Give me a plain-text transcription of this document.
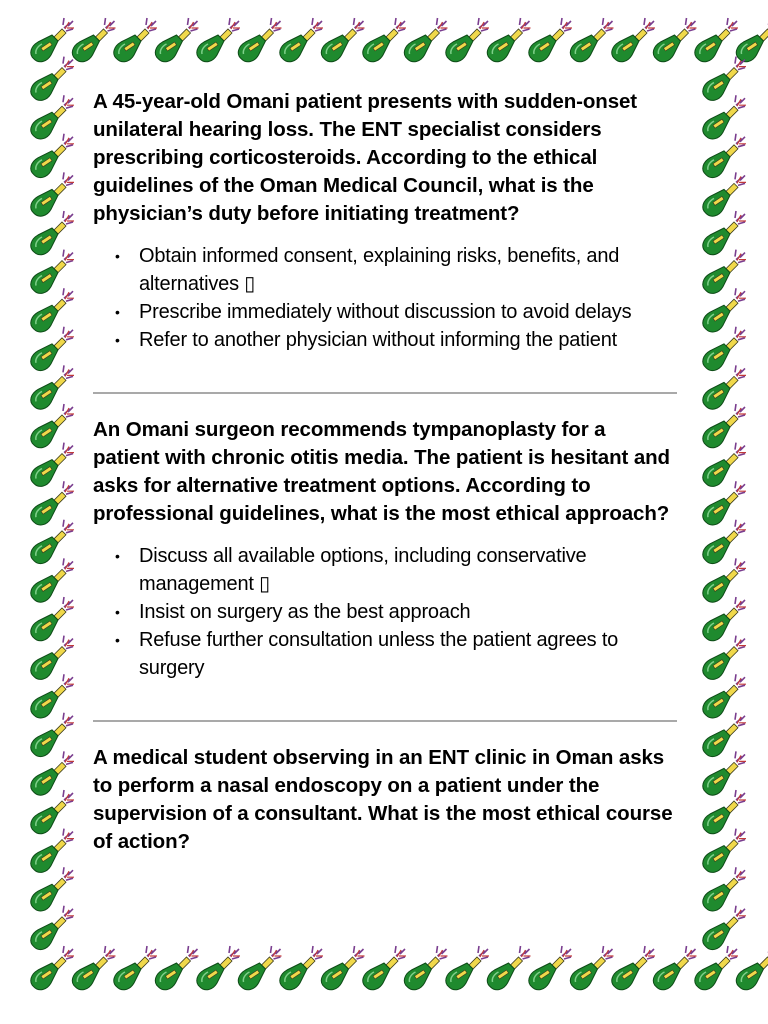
A 45-year-old Omani patient presents with sudden-onset unilateral hearing loss. The ENT specialist considers prescribing corticosteroids. According to the ethical guidelines of the Oman Medical Council, what is the physician’s duty before initiating treatment?

• Obtain informed consent, explaining risks, benefits, and alternatives ▯
• Prescribe immediately without discussion to avoid delays
• Refer to another physician without informing the patient

An Omani surgeon recommends tympanoplasty for a patient with chronic otitis media. The patient is hesitant and asks for alternative treatment options. According to professional guidelines, what is the most ethical approach?

• Discuss all available options, including conservative management ▯
• Insist on surgery as the best approach
• Refuse further consultation unless the patient agrees to surgery

A medical student observing in an ENT clinic in Oman asks to perform a nasal endoscopy on a patient under the supervision of a consultant. What is the most ethical course of action?
